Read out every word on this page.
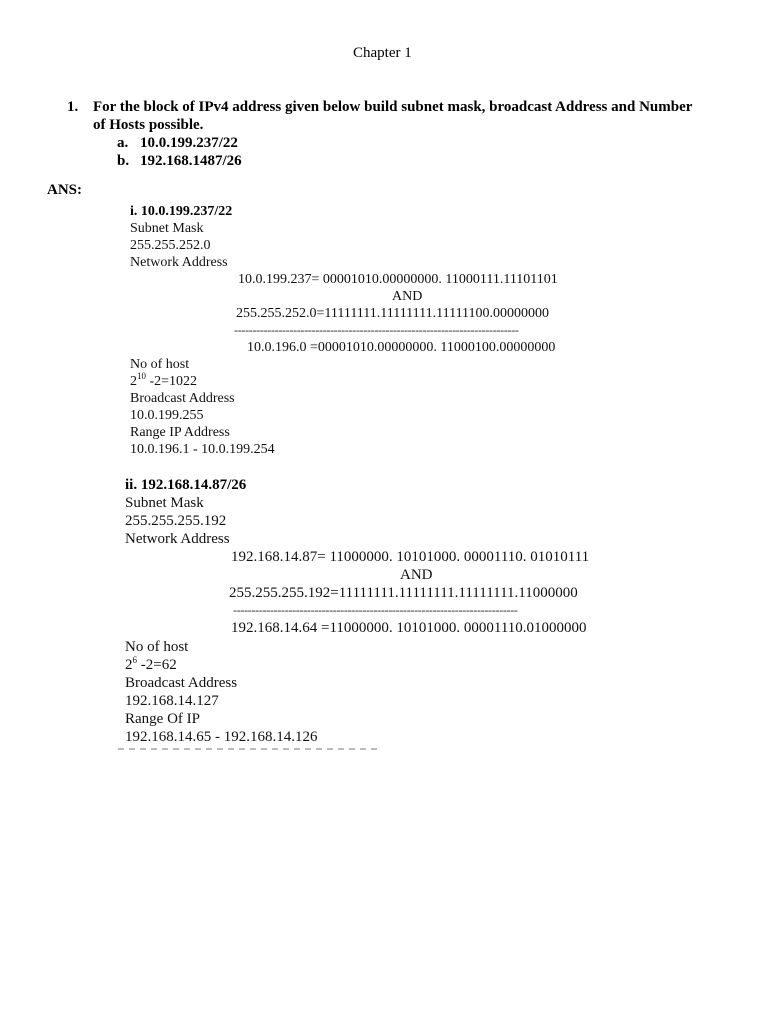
Chapter 1
1. For the block of IPv4 address given below build subnet mask, broadcast Address and Number
of Hosts possible.
a. 10.0.199.237/22
b. 192.168.1487/26
ANS:
i. 10.0.199.237/22
Subnet Mask
255.255.252.0
Network Address
10.0.199.237= 00001010.00000000. 11000111.11101101
AND
255.255.252.0=11111111.11111111.11111100.00000000
-----------------------------------------------------------------------------
10.0.196.0 =00001010.00000000. 11000100.00000000
No of host
$2^{10}$ -2=1022
Broadcast Address
10.0.199.255
Range IP Address
10.0.196.1 - 10.0.199.254
ii. 192.168.14.87/26
Subnet Mask
255.255.255.192
Network Address
192.168.14.87= 11000000. 10101000. 00001110. 01010111
AND
255.255.255.192=11111111.11111111.11111111.11000000
-----------------------------------------------------------------------------
192.168.14.64 =11000000. 10101000. 00001110.01000000
No of host
$2^6$ -2=62
Broadcast Address
192.168.14.127
Range Of IP
192.168.14.65 - 192.168.14.126
